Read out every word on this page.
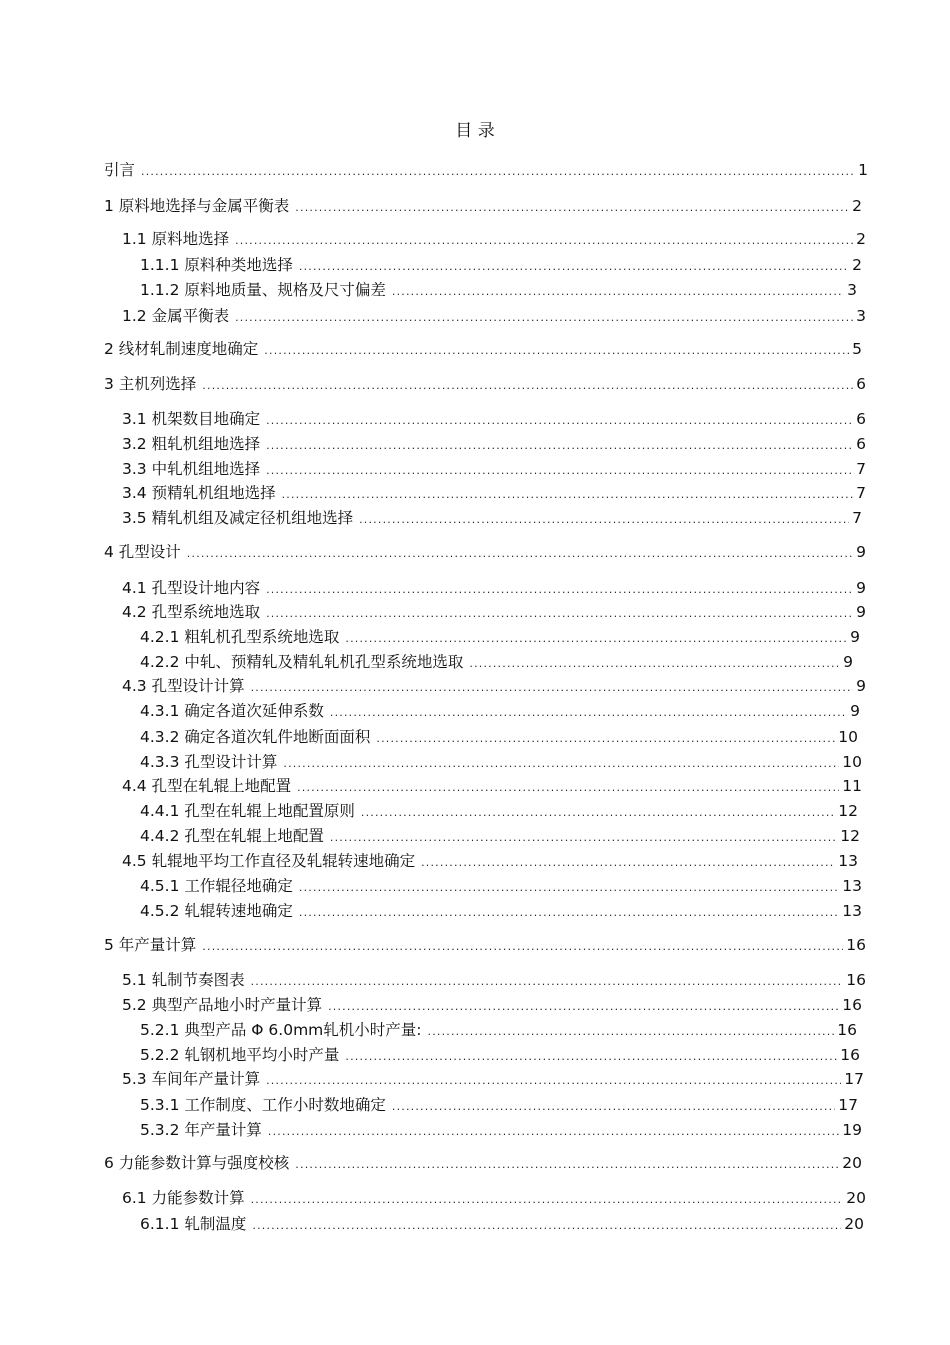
目 录
引言 .....	1
1 原料地选择与金属平衡表 .....	2
1.1 原料地选择 .....	2
1.1.1 原料种类地选择 .....	2
1.1.2 原料地质量、规格及尺寸偏差 .....	3
1.2 金属平衡表 .....	3
2 线材轧制速度地确定 .....	5
3 主机列选择 .....	6
3.1 机架数目地确定 .....	6
3.2 粗轧机组地选择 .....	6
3.3 中轧机组地选择 .....	7
3.4 预精轧机组地选择 .....	7
3.5 精轧机组及减定径机组地选择 .....	7
4 孔型设计 .....	9
4.1 孔型设计地内容 .....	9
4.2 孔型系统地选取 .....	9
4.2.1 粗轧机孔型系统地选取 .....	9
4.2.2 中轧、预精轧及精轧轧机孔型系统地选取 .....	9
4.3 孔型设计计算 .....	9
4.3.1 确定各道次延伸系数 .....	9
4.3.2 确定各道次轧件地断面面积 .....	10
4.3.3 孔型设计计算 .....	10
4.4 孔型在轧辊上地配置 .....	11
4.4.1 孔型在轧辊上地配置原则 .....	12
4.4.2 孔型在轧辊上地配置 .....	12
4.5 轧辊地平均工作直径及轧辊转速地确定 .....	13
4.5.1 工作辊径地确定 .....	13
4.5.2 轧辊转速地确定 .....	13
5 年产量计算 .....	16
5.1 轧制节奏图表 .....	16
5.2 典型产品地小时产量计算 .....	16
5.2.1 典型产品 Φ 6.0mm轧机小时产量: .....	16
5.2.2 轧钢机地平均小时产量 .....	16
5.3 车间年产量计算 .....	17
5.3.1 工作制度、工作小时数地确定 .....	17
5.3.2 年产量计算 .....	19
6 力能参数计算与强度校核 .....	20
6.1 力能参数计算 .....	20
6.1.1 轧制温度 .....	20
